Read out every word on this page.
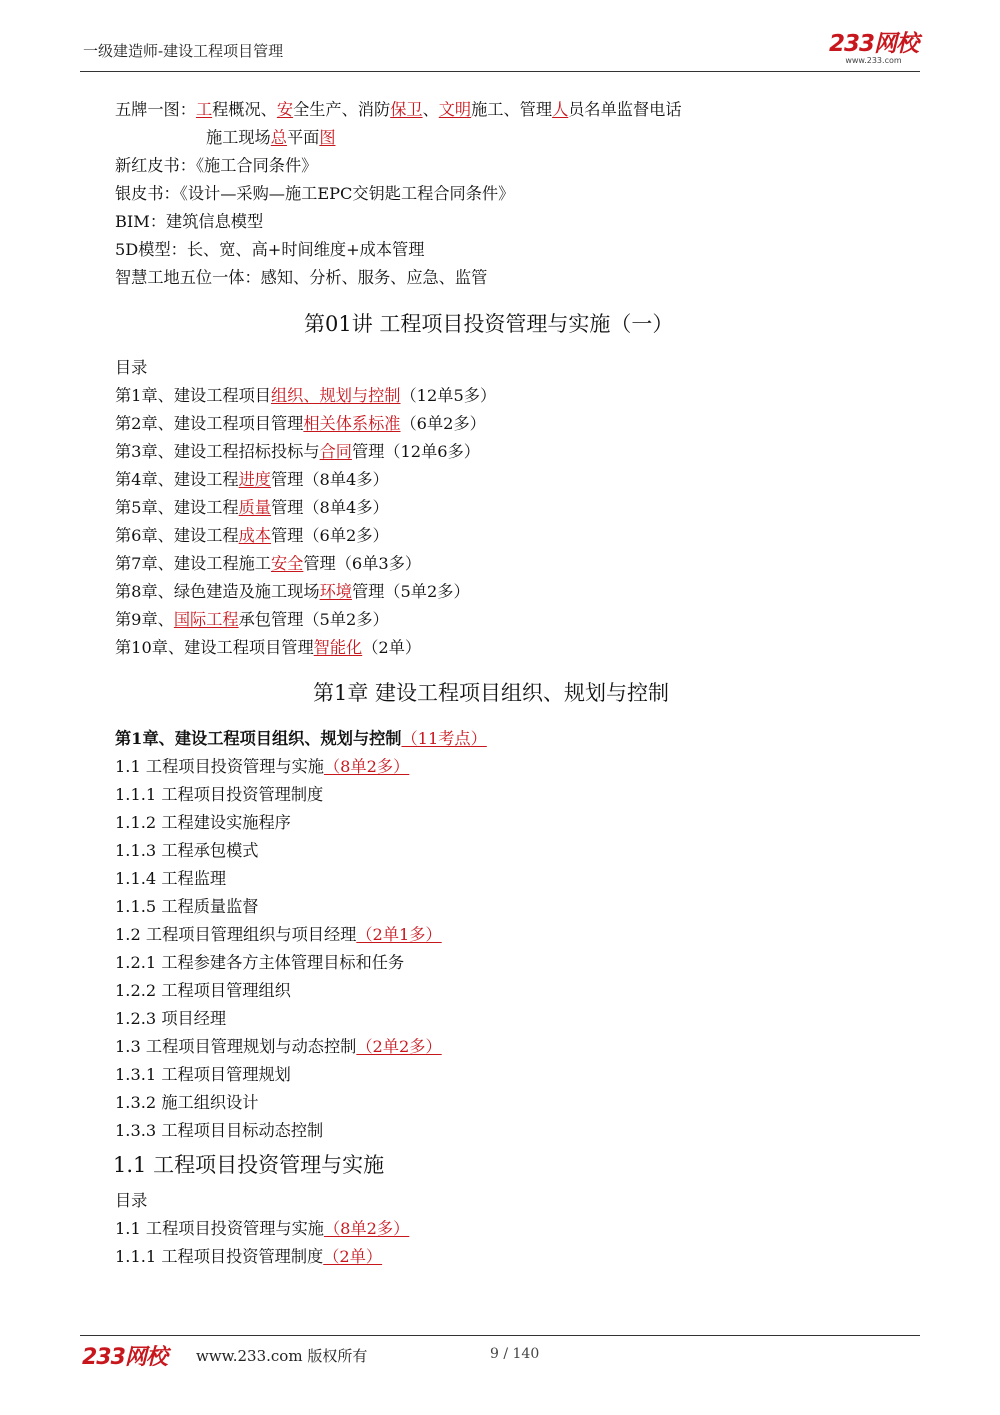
一级建造师-建设工程项目管理	233网校
www.233.com
五牌一图：工程概况、安全生产、消防保卫、文明施工、管理人员名单监督电话
施工现场总平面图
新红皮书：《施工合同条件》
银皮书：《设计—采购—施工EPC交钥匙工程合同条件》
BIM：建筑信息模型
5D模型：长、宽、高+时间维度+成本管理
智慧工地五位一体：感知、分析、服务、应急、监管
第01讲 工程项目投资管理与实施（一）
目录
第1章、建设工程项目组织、规划与控制（12单5多）
第2章、建设工程项目管理相关体系标准（6单2多）
第3章、建设工程招标投标与合同管理（12单6多）
第4章、建设工程进度管理（8单4多）
第5章、建设工程质量管理（8单4多）
第6章、建设工程成本管理（6单2多）
第7章、建设工程施工安全管理（6单3多）
第8章、绿色建造及施工现场环境管理（5单2多）
第9章、国际工程承包管理（5单2多）
第10章、建设工程项目管理智能化（2单）
第1章 建设工程项目组织、规划与控制
第1章、建设工程项目组织、规划与控制（11考点）
1.1 工程项目投资管理与实施（8单2多）
1.1.1 工程项目投资管理制度
1.1.2 工程建设实施程序
1.1.3 工程承包模式
1.1.4 工程监理
1.1.5 工程质量监督
1.2 工程项目管理组织与项目经理（2单1多）
1.2.1 工程参建各方主体管理目标和任务
1.2.2 工程项目管理组织
1.2.3 项目经理
1.3 工程项目管理规划与动态控制（2单2多）
1.3.1 工程项目管理规划
1.3.2 施工组织设计
1.3.3 工程项目目标动态控制
1.1 工程项目投资管理与实施
目录
1.1 工程项目投资管理与实施（8单2多）
1.1.1 工程项目投资管理制度（2单）
233网校 www.233.com 版权所有	9 / 140
